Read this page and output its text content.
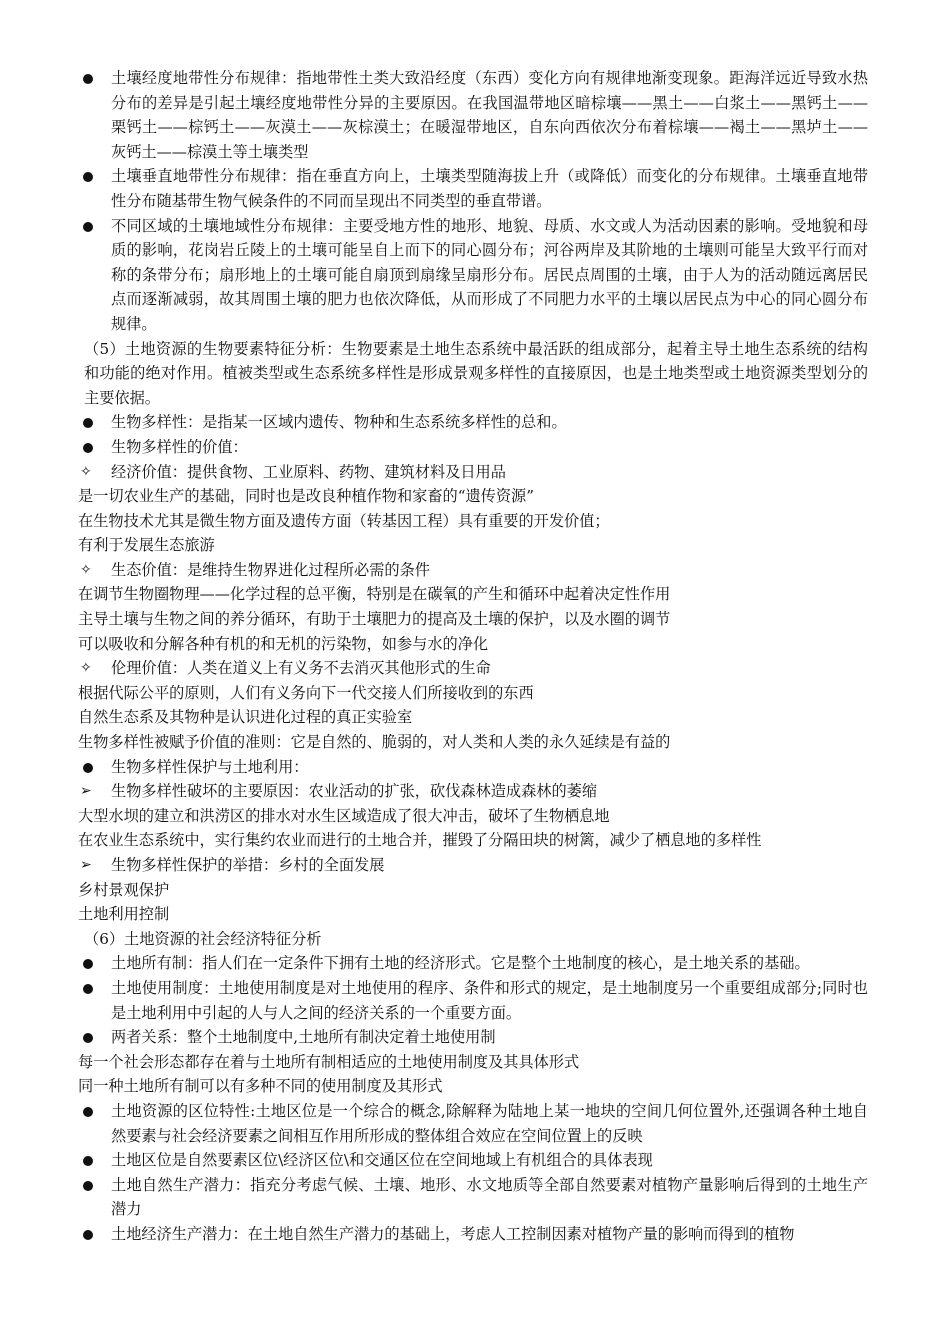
土壤经度地带性分布规律：指地带性土类大致沿经度（东西）变化方向有规律地渐变现象。距海洋远近导致水热分布的差异是引起土壤经度地带性分异的主要原因。在我国温带地区暗棕壤——黑土——白浆土——黑钙土——栗钙土——棕钙土——灰漠土——灰棕漠土；在暖湿带地区，自东向西依次分布着棕壤——褐土——黑垆土——灰钙土——棕漠土等土壤类型
土壤垂直地带性分布规律：指在垂直方向上，土壤类型随海拔上升（或降低）而变化的分布规律。土壤垂直地带性分布随基带生物气候条件的不同而呈现出不同类型的垂直带谱。
不同区域的土壤地域性分布规律：主要受地方性的地形、地貌、母质、水文或人为活动因素的影响。受地貌和母质的影响，花岗岩丘陵上的土壤可能呈自上而下的同心圆分布；河谷两岸及其阶地的土壤则可能呈大致平行而对称的条带分布；扇形地上的土壤可能自扇顶到扇缘呈扇形分布。居民点周围的土壤，由于人为的活动随远离居民点而逐渐减弱，故其周围土壤的肥力也依次降低，从而形成了不同肥力水平的土壤以居民点为中心的同心圆分布规律。
（5）土地资源的生物要素特征分析：生物要素是土地生态系统中最活跃的组成部分，起着主导土地生态系统的结构和功能的绝对作用。植被类型或生态系统多样性是形成景观多样性的直接原因，也是土地类型或土地资源类型划分的主要依据。
生物多样性：是指某一区域内遗传、物种和生态系统多样性的总和。
生物多样性的价值：
✧	经济价值：提供食物、工业原料、药物、建筑材料及日用品
是一切农业生产的基础，同时也是改良种植作物和家畜的“遗传资源”
在生物技术尤其是微生物方面及遗传方面（转基因工程）具有重要的开发价值；
有利于发展生态旅游
✧	生态价值：是维持生物界进化过程所必需的条件
在调节生物圈物理——化学过程的总平衡，特别是在碳氧的产生和循环中起着决定性作用
主导土壤与生物之间的养分循环，有助于土壤肥力的提高及土壤的保护，以及水圈的调节
可以吸收和分解各种有机的和无机的污染物，如参与水的净化
✧	伦理价值：人类在道义上有义务不去消灭其他形式的生命
根据代际公平的原则，人们有义务向下一代交接人们所接收到的东西
自然生态系及其物种是认识进化过程的真正实验室
生物多样性被赋予价值的准则：它是自然的、脆弱的，对人类和人类的永久延续是有益的
生物多样性保护与土地利用：
➢	生物多样性破坏的主要原因：农业活动的扩张，砍伐森林造成森林的萎缩
大型水坝的建立和洪涝区的排水对水生区域造成了很大冲击，破坏了生物栖息地
在农业生态系统中，实行集约农业而进行的土地合并，摧毁了分隔田块的树篱，减少了栖息地的多样性
➢	生物多样性保护的举措：乡村的全面发展
乡村景观保护
土地利用控制
（6）土地资源的社会经济特征分析
土地所有制：指人们在一定条件下拥有土地的经济形式。它是整个土地制度的核心，是土地关系的基础。
土地使用制度：土地使用制度是对土地使用的程序、条件和形式的规定，是土地制度另一个重要组成部分;同时也是土地利用中引起的人与人之间的经济关系的一个重要方面。
两者关系：整个土地制度中,土地所有制决定着土地使用制
每一个社会形态都存在着与土地所有制相适应的土地使用制度及其具体形式
同一种土地所有制可以有多种不同的使用制度及其形式
土地资源的区位特性:土地区位是一个综合的概念,除解释为陆地上某一地块的空间几何位置外,还强调各种土地自然要素与社会经济要素之间相互作用所形成的整体组合效应在空间位置上的反映
土地区位是自然要素区位\经济区位\和交通区位在空间地域上有机组合的具体表现
土地自然生产潜力：指充分考虑气候、土壤、地形、水文地质等全部自然要素对植物产量影响后得到的土地生产潜力
土地经济生产潜力：在土地自然生产潜力的基础上，考虑人工控制因素对植物产量的影响而得到的植物
